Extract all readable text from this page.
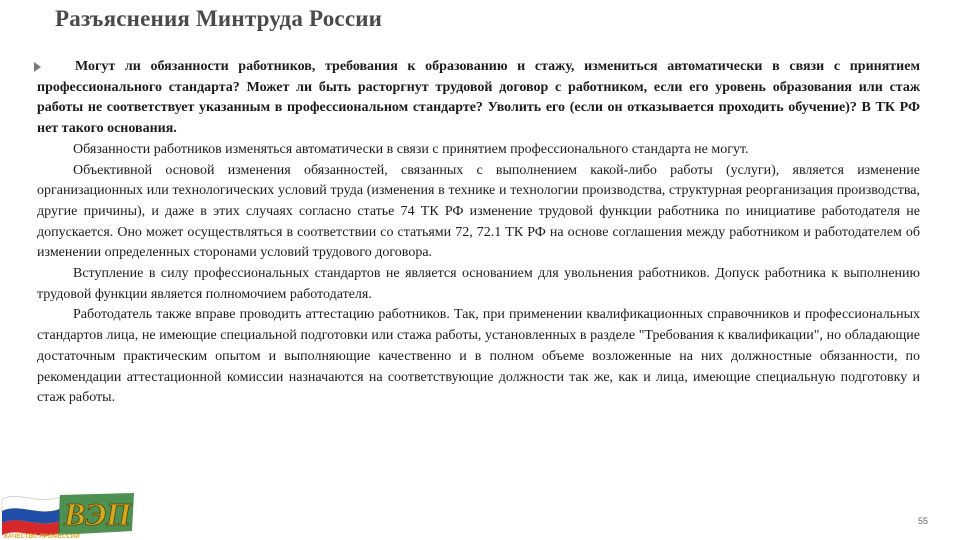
Разъяснения Минтруда России

Могут ли обязанности работников, требования к образованию и стажу, измениться автоматически в связи с принятием профессионального стандарта? Может ли быть расторгнут трудовой договор с работником, если его уровень образования или стаж работы не соответствует указанным в профессиональном стандарте? Уволить его (если он отказывается проходить обучение)? В ТК РФ нет такого основания.

Обязанности работников изменяться автоматически в связи с принятием профессионального стандарта не могут.

Объективной основой изменения обязанностей, связанных с выполнением какой-либо работы (услуги), является изменение организационных или технологических условий труда (изменения в технике и технологии производства, структурная реорганизация производства, другие причины), и даже в этих случаях согласно статье 74 ТК РФ изменение трудовой функции работника по инициативе работодателя не допускается. Оно может осуществляться в соответствии со статьями 72, 72.1 ТК РФ на основе соглашения между работником и работодателем об изменении определенных сторонами условий трудового договора.

Вступление в силу профессиональных стандартов не является основанием для увольнения работников. Допуск работника к выполнению трудовой функции является полномочием работодателя.

Работодатель также вправе проводить аттестацию работников. Так, при применении квалификационных справочников и профессиональных стандартов лица, не имеющие специальной подготовки или стажа работы, установленных в разделе "Требования к квалификации", но обладающие достаточным практическим опытом и выполняющие качественно и в полном объеме возложенные на них должностные обязанности, по рекомендации аттестационной комиссии назначаются на соответствующие должности так же, как и лица, имеющие специальную подготовку и стаж работы.

ВЭП
КАЧЕСТВО ПРОФЕССИИ
55
